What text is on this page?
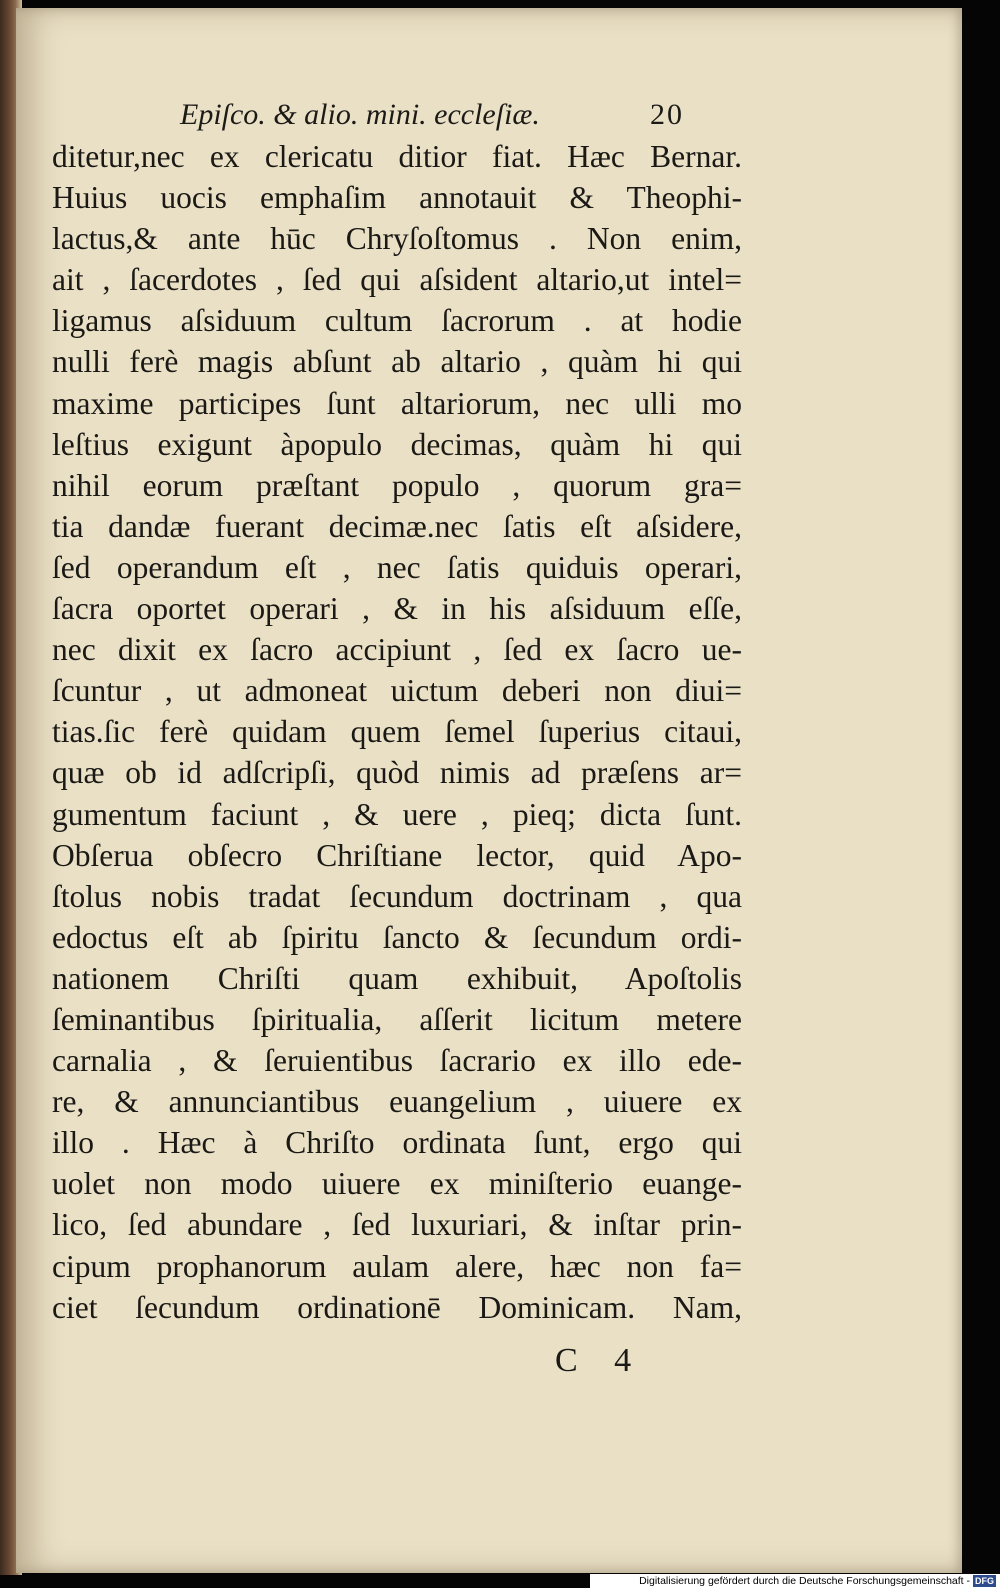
Epiſco. & alio. mini. eccleſiæ.	20
ditetur,nec ex clericatu ditior fiat. Hæc Bernar.
Huius uocis emphaſim annotauit & Theophi-
lactus,& ante hūc Chryſoſtomus . Non enim,
ait , ſacerdotes , ſed qui aſsident altario,ut intel=
ligamus aſsiduum cultum ſacrorum . at hodie
nulli ferè magis abſunt ab altario , quàm hi qui
maxime participes ſunt altariorum, nec ulli mo
leſtius exigunt àpopulo decimas, quàm hi qui
nihil eorum præſtant populo , quorum gra=
tia dandæ fuerant decimæ.nec ſatis eſt aſsidere,
ſed operandum eſt , nec ſatis quiduis operari,
ſacra oportet operari , & in his aſsiduum eſſe,
nec dixit ex ſacro accipiunt , ſed ex ſacro ue-
ſcuntur , ut admoneat uictum deberi non diui=
tias.ſic ferè quidam quem ſemel ſuperius citaui,
quæ ob id adſcripſi, quòd nimis ad præſens ar=
gumentum faciunt , & uere , pieq; dicta ſunt.
Obſerua obſecro Chriſtiane lector, quid Apo-
ſtolus nobis tradat ſecundum doctrinam , qua
edoctus eſt ab ſpiritu ſancto & ſecundum ordi-
nationem Chriſti quam exhibuit, Apoſtolis
ſeminantibus ſpiritualia, aſſerit licitum metere
carnalia , & ſeruientibus ſacrario ex illo ede-
re, & annunciantibus euangelium , uiuere ex
illo . Hæc à Chriſto ordinata ſunt, ergo qui
uolet non modo uiuere ex miniſterio euange-
lico, ſed abundare , ſed luxuriari, & inſtar prin-
cipum prophanorum aulam alere, hæc non fa=
ciet ſecundum ordinationē Dominicam. Nam,
C 4
Digitalisierung gefördert durch die Deutsche Forschungsgemeinschaft - DFG
